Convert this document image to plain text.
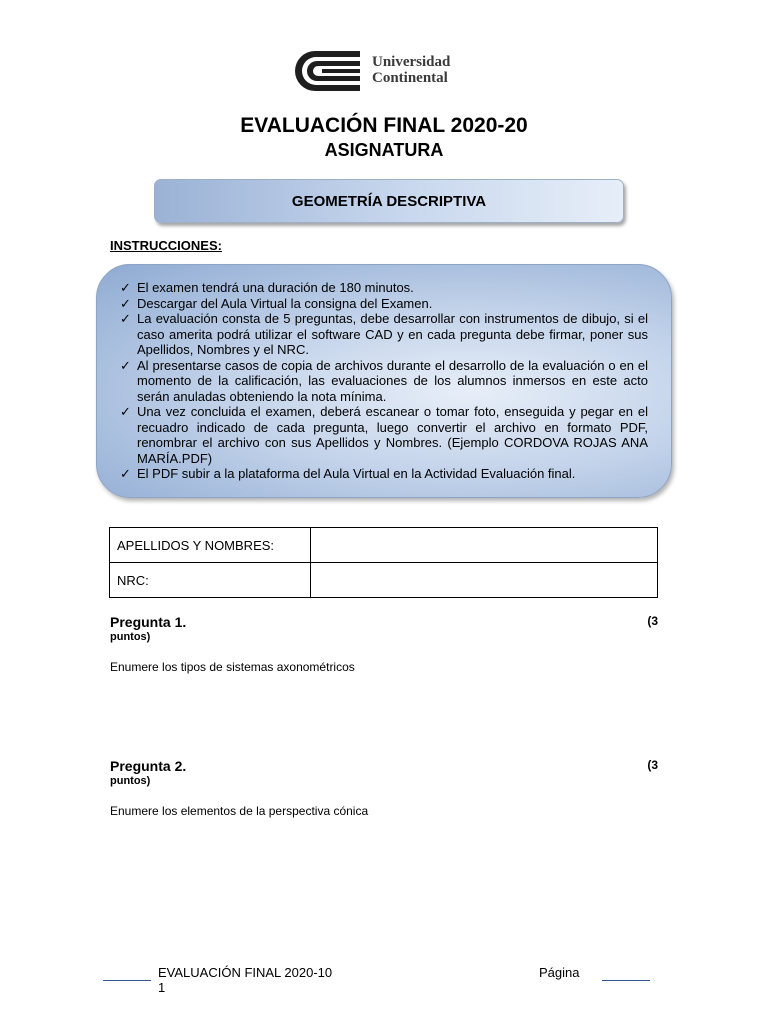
Universidad
Continental
EVALUACIÓN FINAL 2020-20
ASIGNATURA
GEOMETRÍA DESCRIPTIVA
INSTRUCCIONES:
✓ El examen tendrá una duración de 180 minutos.
✓ Descargar del Aula Virtual la consigna del Examen.
✓ La evaluación consta de 5 preguntas, debe desarrollar con instrumentos de dibujo, si el caso amerita podrá utilizar el software CAD y en cada pregunta debe firmar, poner sus Apellidos, Nombres y el NRC.
✓ Al presentarse casos de copia de archivos durante el desarrollo de la evaluación o en el momento de la calificación, las evaluaciones de los alumnos inmersos en este acto serán anuladas obteniendo la nota mínima.
✓ Una vez concluida el examen, deberá escanear o tomar foto, enseguida y pegar en el recuadro indicado de cada pregunta, luego convertir el archivo en formato PDF, renombrar el archivo con sus Apellidos y Nombres. (Ejemplo CORDOVA ROJAS ANA MARÍA.PDF)
✓ El PDF subir a la plataforma del Aula Virtual en la Actividad Evaluación final.
APELLIDOS Y NOMBRES:	
NRC:	
Pregunta 1.	(3
puntos)
Enumere los tipos de sistemas axonométricos
Pregunta 2.	(3
puntos)
Enumere los elementos de la perspectiva cónica
EVALUACIÓN FINAL 2020-10
1
Página
